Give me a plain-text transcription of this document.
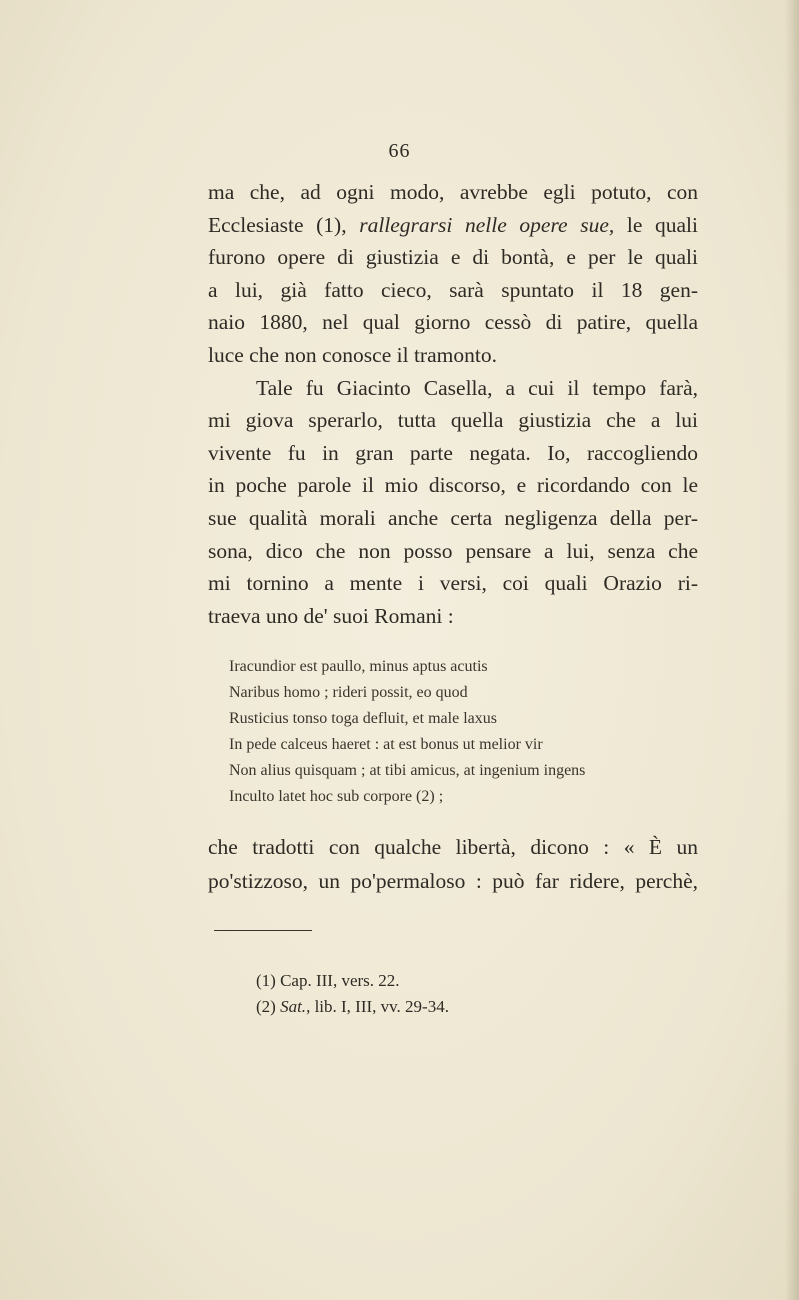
66
ma che, ad ogni modo, avrebbe egli potuto, con
Ecclesiaste (1), rallegrarsi nelle opere sue, le quali
furono opere di giustizia e di bontà, e per le quali
a lui, già fatto cieco, sarà spuntato il 18 gen-
naio 1880, nel qual giorno cessò di patire, quella
luce che non conosce il tramonto.
Tale fu Giacinto Casella, a cui il tempo farà,
mi giova sperarlo, tutta quella giustizia che a lui
vivente fu in gran parte negata. Io, raccogliendo
in poche parole il mio discorso, e ricordando con le
sue qualità morali anche certa negligenza della per-
sona, dico che non posso pensare a lui, senza che
mi tornino a mente i versi, coi quali Orazio ri-
traeva uno de' suoi Romani :
Iracundior est paullo, minus aptus acutis
Naribus homo ; rideri possit, eo quod
Rusticius tonso toga defluit, et male laxus
In pede calceus haeret : at est bonus ut melior vir
Non alius quisquam ; at tibi amicus, at ingenium ingens
Inculto latet hoc sub corpore (2) ;
che tradotti con qualche libertà, dicono : « È un
po'stizzoso, un po'permaloso : può far ridere, perchè,
(1) Cap. III, vers. 22.
(2) Sat., lib. I, III, vv. 29-34.
